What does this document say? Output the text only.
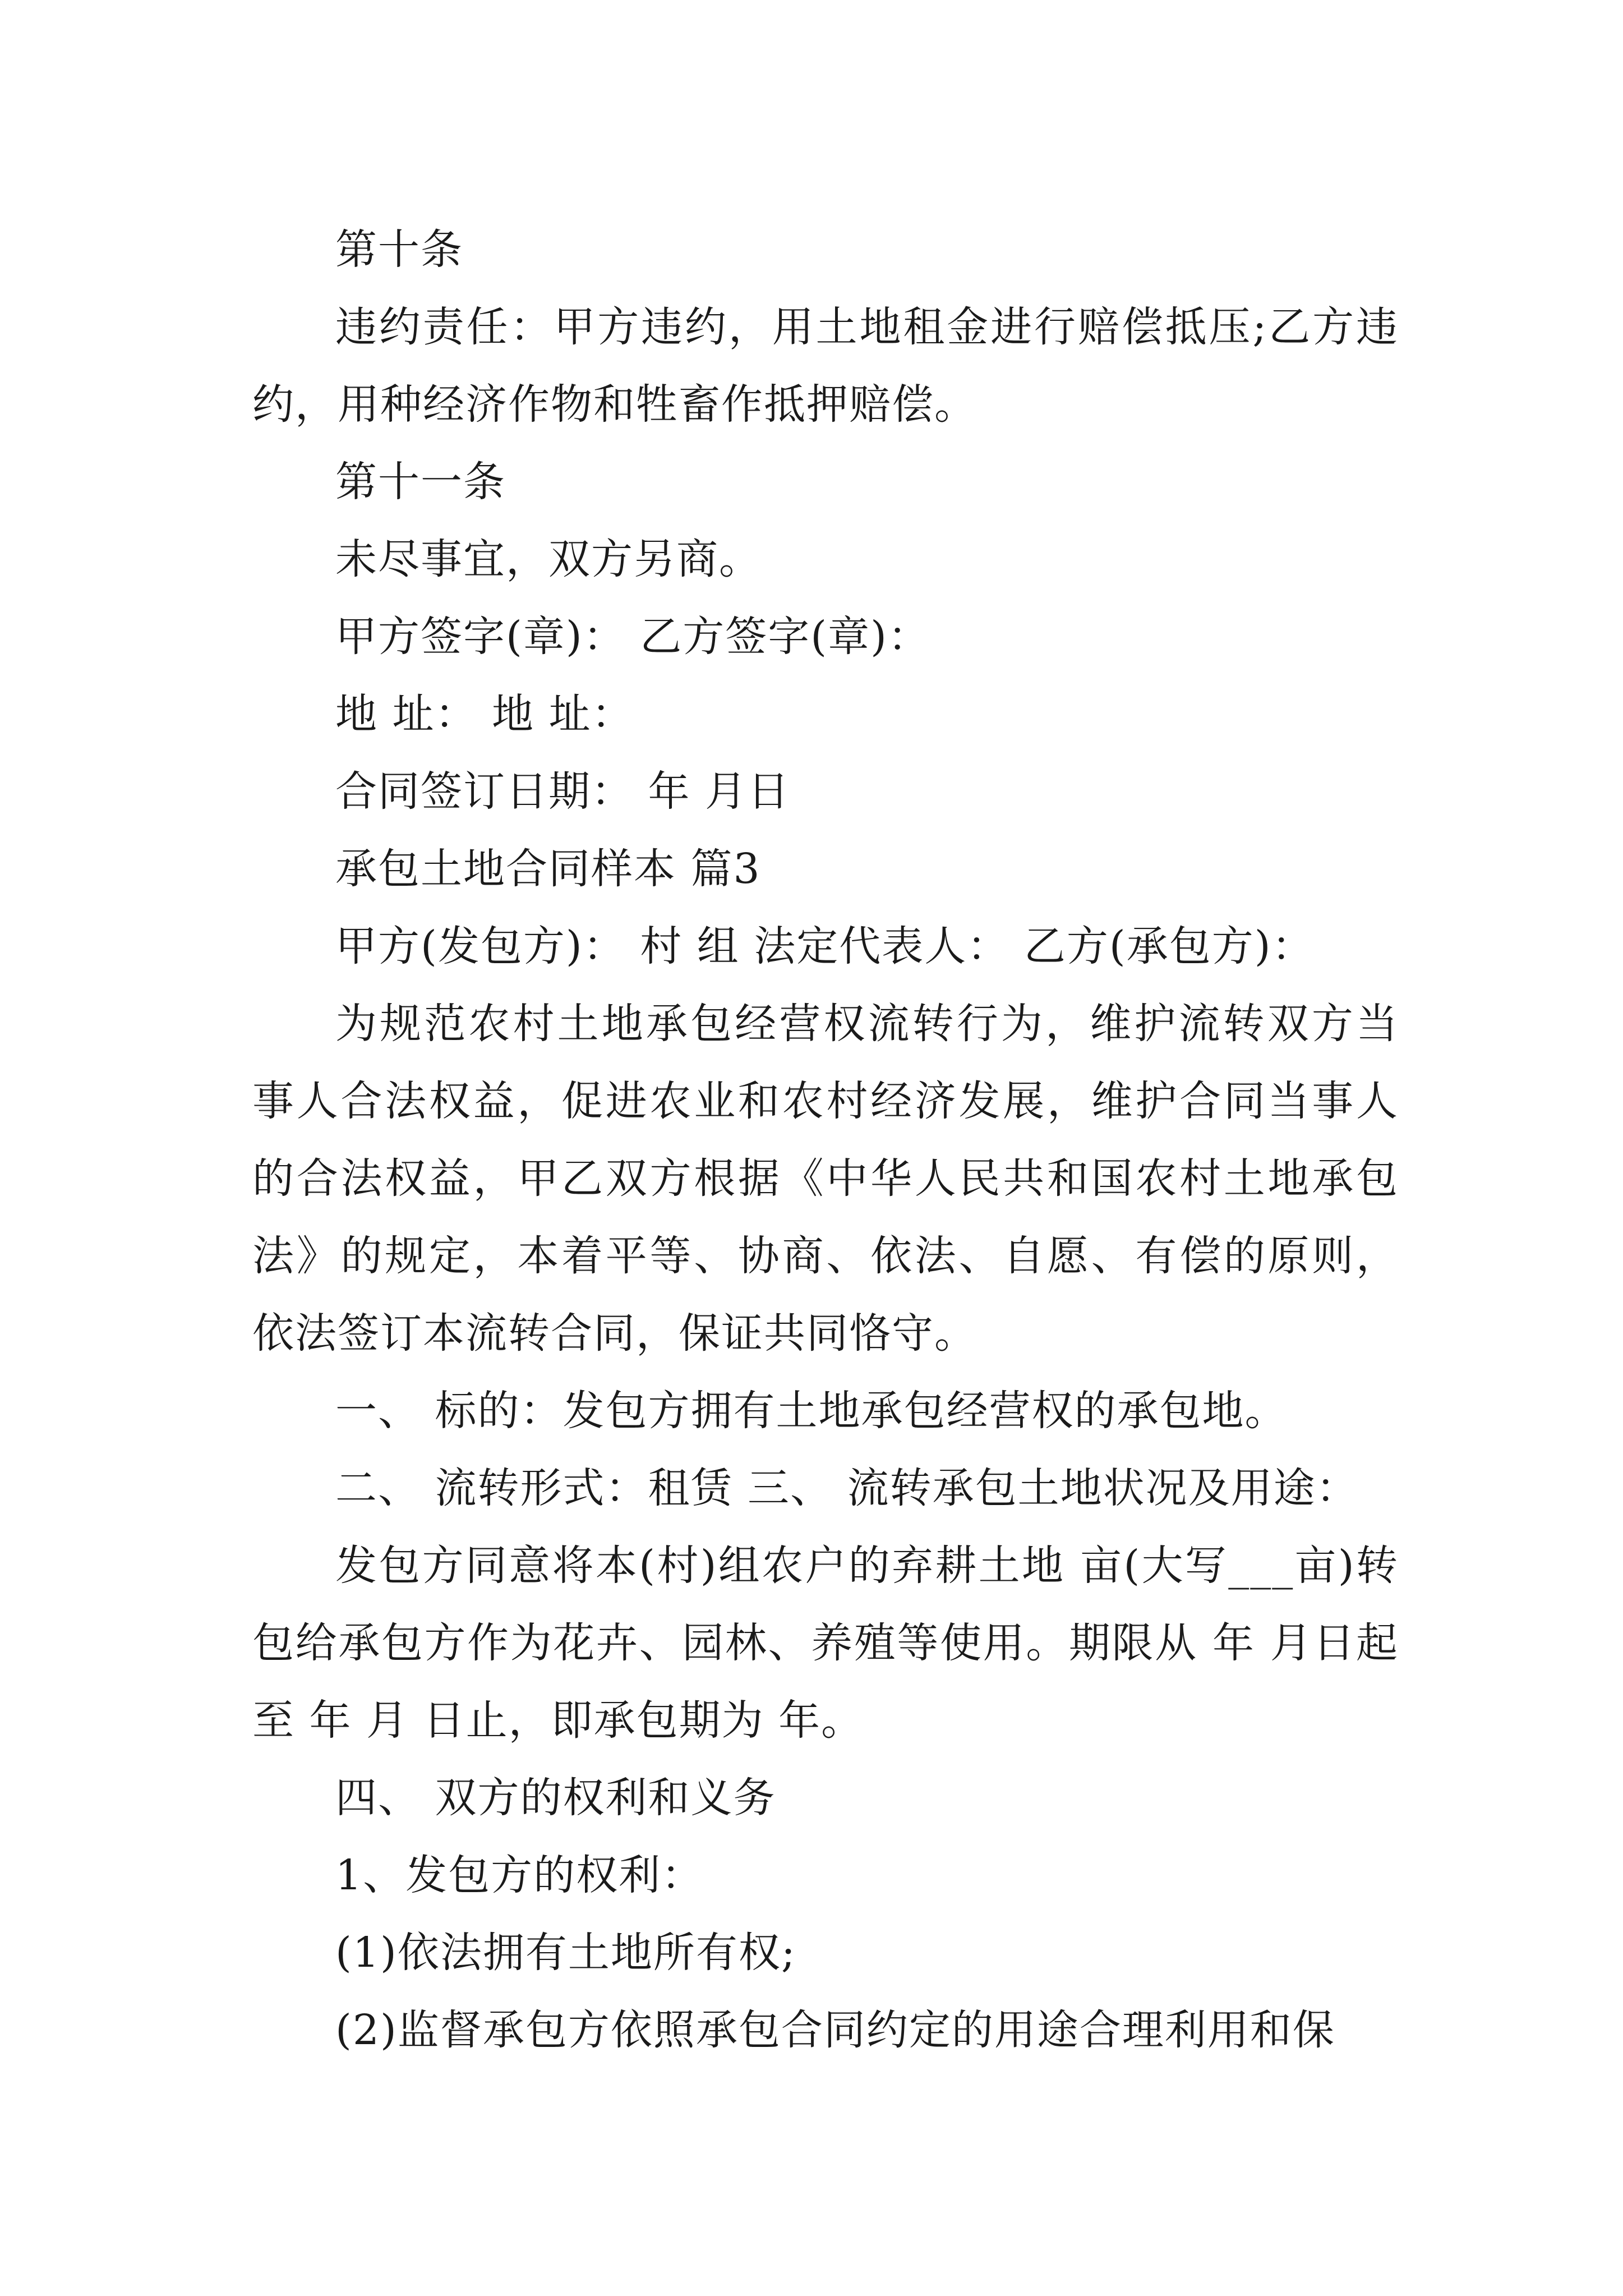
第十条

违约责任：甲方违约，用土地租金进行赔偿抵压;乙方违约，用种经济作物和牲畜作抵押赔偿。

第十一条

未尽事宜，双方另商。

甲方签字(章)： 乙方签字(章)：

地 址： 地 址：

合同签订日期： 年 月日

承包土地合同样本 篇3

甲方(发包方)： 村 组 法定代表人： 乙方(承包方)：

为规范农村土地承包经营权流转行为，维护流转双方当事人合法权益，促进农业和农村经济发展，维护合同当事人的合法权益，甲乙双方根据《中华人民共和国农村土地承包法》的规定，本着平等、协商、依法、自愿、有偿的原则，依法签订本流转合同，保证共同恪守。

一、 标的：发包方拥有土地承包经营权的承包地。

二、 流转形式：租赁 三、 流转承包土地状况及用途：

发包方同意将本(村)组农户的弃耕土地 亩(大写___亩)转包给承包方作为花卉、园林、养殖等使用。期限从 年 月日起至 年 月 日止，即承包期为 年。

四、 双方的权利和义务

1、发包方的权利：

(1)依法拥有土地所有权;

(2)监督承包方依照承包合同约定的用途合理利用和保
